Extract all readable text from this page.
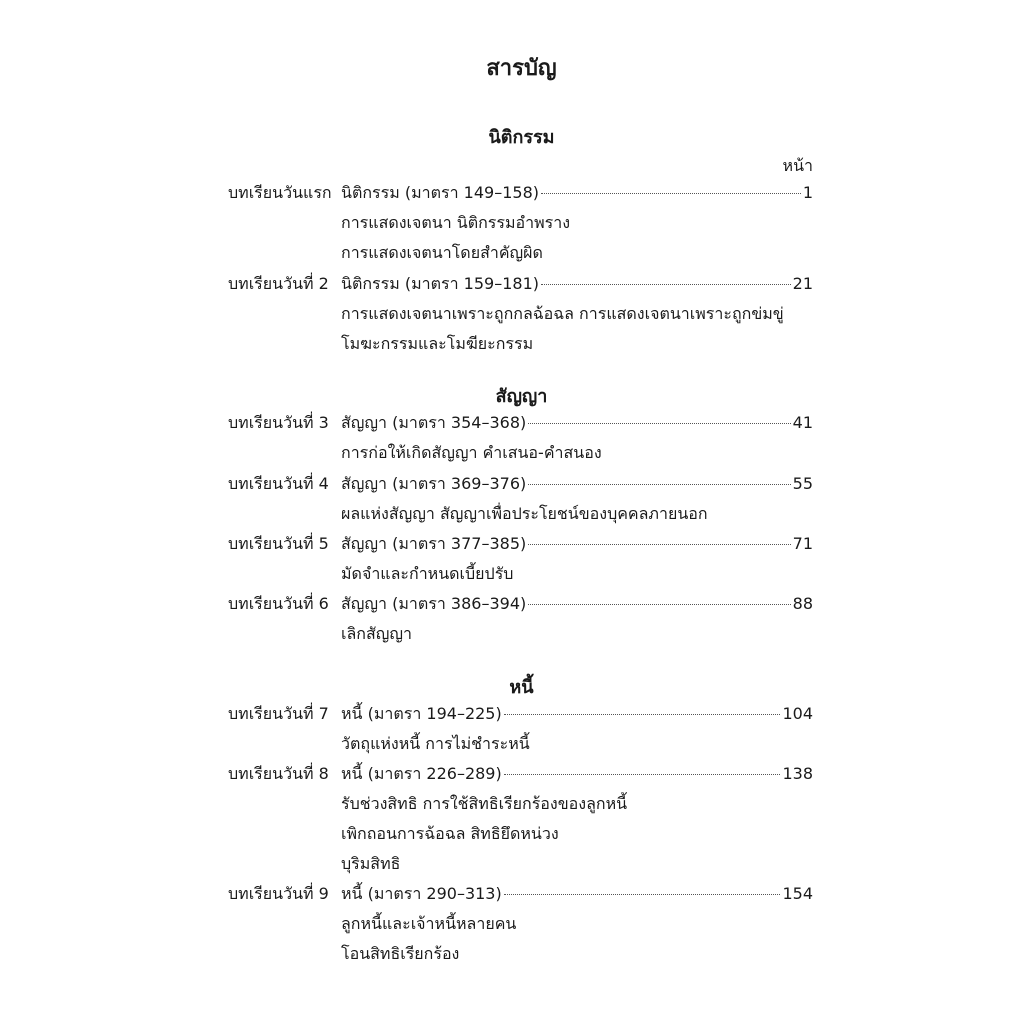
สารบัญ
นิติกรรม
หน้า
บทเรียนวันแรก นิติกรรม (มาตรา 149–158)	1
การแสดงเจตนา นิติกรรมอำพราง
การแสดงเจตนาโดยสำคัญผิด
บทเรียนวันที่ 2 นิติกรรม (มาตรา 159–181)	21
การแสดงเจตนาเพราะถูกกลฉ้อฉล การแสดงเจตนาเพราะถูกข่มขู่
โมฆะกรรมและโมฆียะกรรม
สัญญา
บทเรียนวันที่ 3 สัญญา (มาตรา 354–368)	41
การก่อให้เกิดสัญญา คำเสนอ-คำสนอง
บทเรียนวันที่ 4 สัญญา (มาตรา 369–376)	55
ผลแห่งสัญญา สัญญาเพื่อประโยชน์ของบุคคลภายนอก
บทเรียนวันที่ 5 สัญญา (มาตรา 377–385)	71
มัดจำและกำหนดเบี้ยปรับ
บทเรียนวันที่ 6 สัญญา (มาตรา 386–394)	88
เลิกสัญญา
หนี้
บทเรียนวันที่ 7 หนี้ (มาตรา 194–225)	104
วัตถุแห่งหนี้ การไม่ชำระหนี้
บทเรียนวันที่ 8 หนี้ (มาตรา 226–289)	138
รับช่วงสิทธิ การใช้สิทธิเรียกร้องของลูกหนี้
เพิกถอนการฉ้อฉล สิทธิยึดหน่วง
บุริมสิทธิ
บทเรียนวันที่ 9 หนี้ (มาตรา 290–313)	154
ลูกหนี้และเจ้าหนี้หลายคน
โอนสิทธิเรียกร้อง
